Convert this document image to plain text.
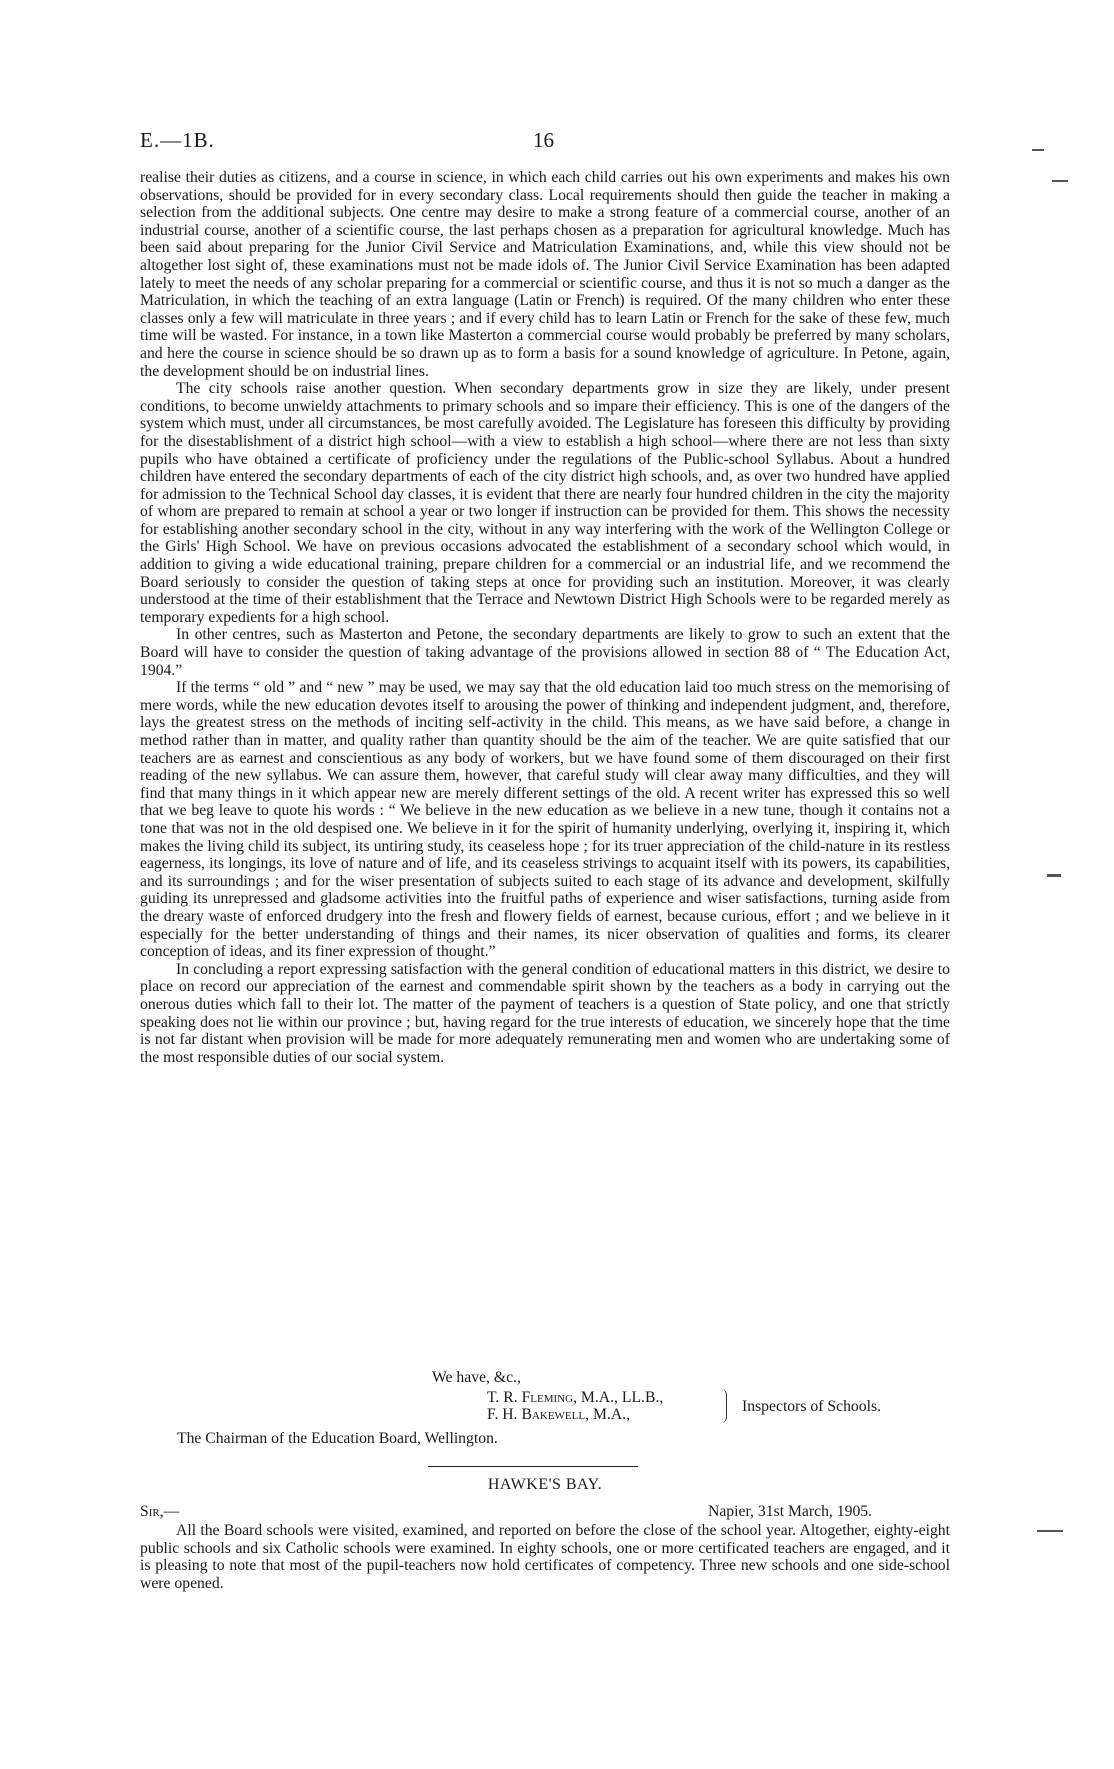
E.—1B.	16

realise their duties as citizens, and a course in science, in which each child carries out his own experiments and makes his own observations, should be provided for in every secondary class. Local requirements should then guide the teacher in making a selection from the additional subjects. One centre may desire to make a strong feature of a commercial course, another of an industrial course, another of a scientific course, the last perhaps chosen as a preparation for agricultural knowledge. Much has been said about preparing for the Junior Civil Service and Matriculation Examinations, and, while this view should not be altogether lost sight of, these examinations must not be made idols of. The Junior Civil Service Examination has been adapted lately to meet the needs of any scholar preparing for a commercial or scientific course, and thus it is not so much a danger as the Matriculation, in which the teaching of an extra language (Latin or French) is required. Of the many children who enter these classes only a few will matriculate in three years ; and if every child has to learn Latin or French for the sake of these few, much time will be wasted. For instance, in a town like Masterton a commercial course would probably be preferred by many scholars, and here the course in science should be so drawn up as to form a basis for a sound knowledge of agriculture. In Petone, again, the development should be on industrial lines.

The city schools raise another question. When secondary departments grow in size they are likely, under present conditions, to become unwieldy attachments to primary schools and so impare their efficiency. This is one of the dangers of the system which must, under all circumstances, be most carefully avoided. The Legislature has foreseen this difficulty by providing for the disestablishment of a district high school—with a view to establish a high school—where there are not less than sixty pupils who have obtained a certificate of proficiency under the regulations of the Public-school Syllabus. About a hundred children have entered the secondary departments of each of the city district high schools, and, as over two hundred have applied for admission to the Technical School day classes, it is evident that there are nearly four hundred children in the city the majority of whom are prepared to remain at school a year or two longer if instruction can be provided for them. This shows the necessity for establishing another secondary school in the city, without in any way interfering with the work of the Wellington College or the Girls' High School. We have on previous occasions advocated the establishment of a secondary school which would, in addition to giving a wide educational training, prepare children for a commercial or an industrial life, and we recommend the Board seriously to consider the question of taking steps at once for providing such an institution. Moreover, it was clearly understood at the time of their establishment that the Terrace and Newtown District High Schools were to be regarded merely as temporary expedients for a high school.

In other centres, such as Masterton and Petone, the secondary departments are likely to grow to such an extent that the Board will have to consider the question of taking advantage of the provisions allowed in section 88 of “ The Education Act, 1904.”

If the terms “ old ” and “ new ” may be used, we may say that the old education laid too much stress on the memorising of mere words, while the new education devotes itself to arousing the power of thinking and independent judgment, and, therefore, lays the greatest stress on the methods of inciting self-activity in the child. This means, as we have said before, a change in method rather than in matter, and quality rather than quantity should be the aim of the teacher. We are quite satisfied that our teachers are as earnest and conscientious as any body of workers, but we have found some of them discouraged on their first reading of the new syllabus. We can assure them, however, that careful study will clear away many difficulties, and they will find that many things in it which appear new are merely different settings of the old. A recent writer has expressed this so well that we beg leave to quote his words : “ We believe in the new education as we believe in a new tune, though it contains not a tone that was not in the old despised one. We believe in it for the spirit of humanity underlying, overlying it, inspiring it, which makes the living child its subject, its untiring study, its ceaseless hope ; for its truer appreciation of the child-nature in its restless eagerness, its longings, its love of nature and of life, and its ceaseless strivings to acquaint itself with its powers, its capabilities, and its surroundings ; and for the wiser presentation of subjects suited to each stage of its advance and development, skilfully guiding its unrepressed and gladsome activities into the fruitful paths of experience and wiser satisfactions, turning aside from the dreary waste of enforced drudgery into the fresh and flowery fields of earnest, because curious, effort ; and we believe in it especially for the better understanding of things and their names, its nicer observation of qualities and forms, its clearer conception of ideas, and its finer expression of thought.”

In concluding a report expressing satisfaction with the general condition of educational matters in this district, we desire to place on record our appreciation of the earnest and commendable spirit shown by the teachers as a body in carrying out the onerous duties which fall to their lot. The matter of the payment of teachers is a question of State policy, and one that strictly speaking does not lie within our province ; but, having regard for the true interests of education, we sincerely hope that the time is not far distant when provision will be made for more adequately remunerating men and women who are undertaking some of the most responsible duties of our social system.

We have, &c.,
T. R. Fleming, M.A., LL.B.,
F. H. Bakewell, M.A.,	Inspectors of Schools.
The Chairman of the Education Board, Wellington.
HAWKE'S BAY.
Sir,—	Napier, 31st March, 1905.

All the Board schools were visited, examined, and reported on before the close of the school year. Altogether, eighty-eight public schools and six Catholic schools were examined. In eighty schools, one or more certificated teachers are engaged, and it is pleasing to note that most of the pupil-teachers now hold certificates of competency. Three new schools and one side-school were opened.
